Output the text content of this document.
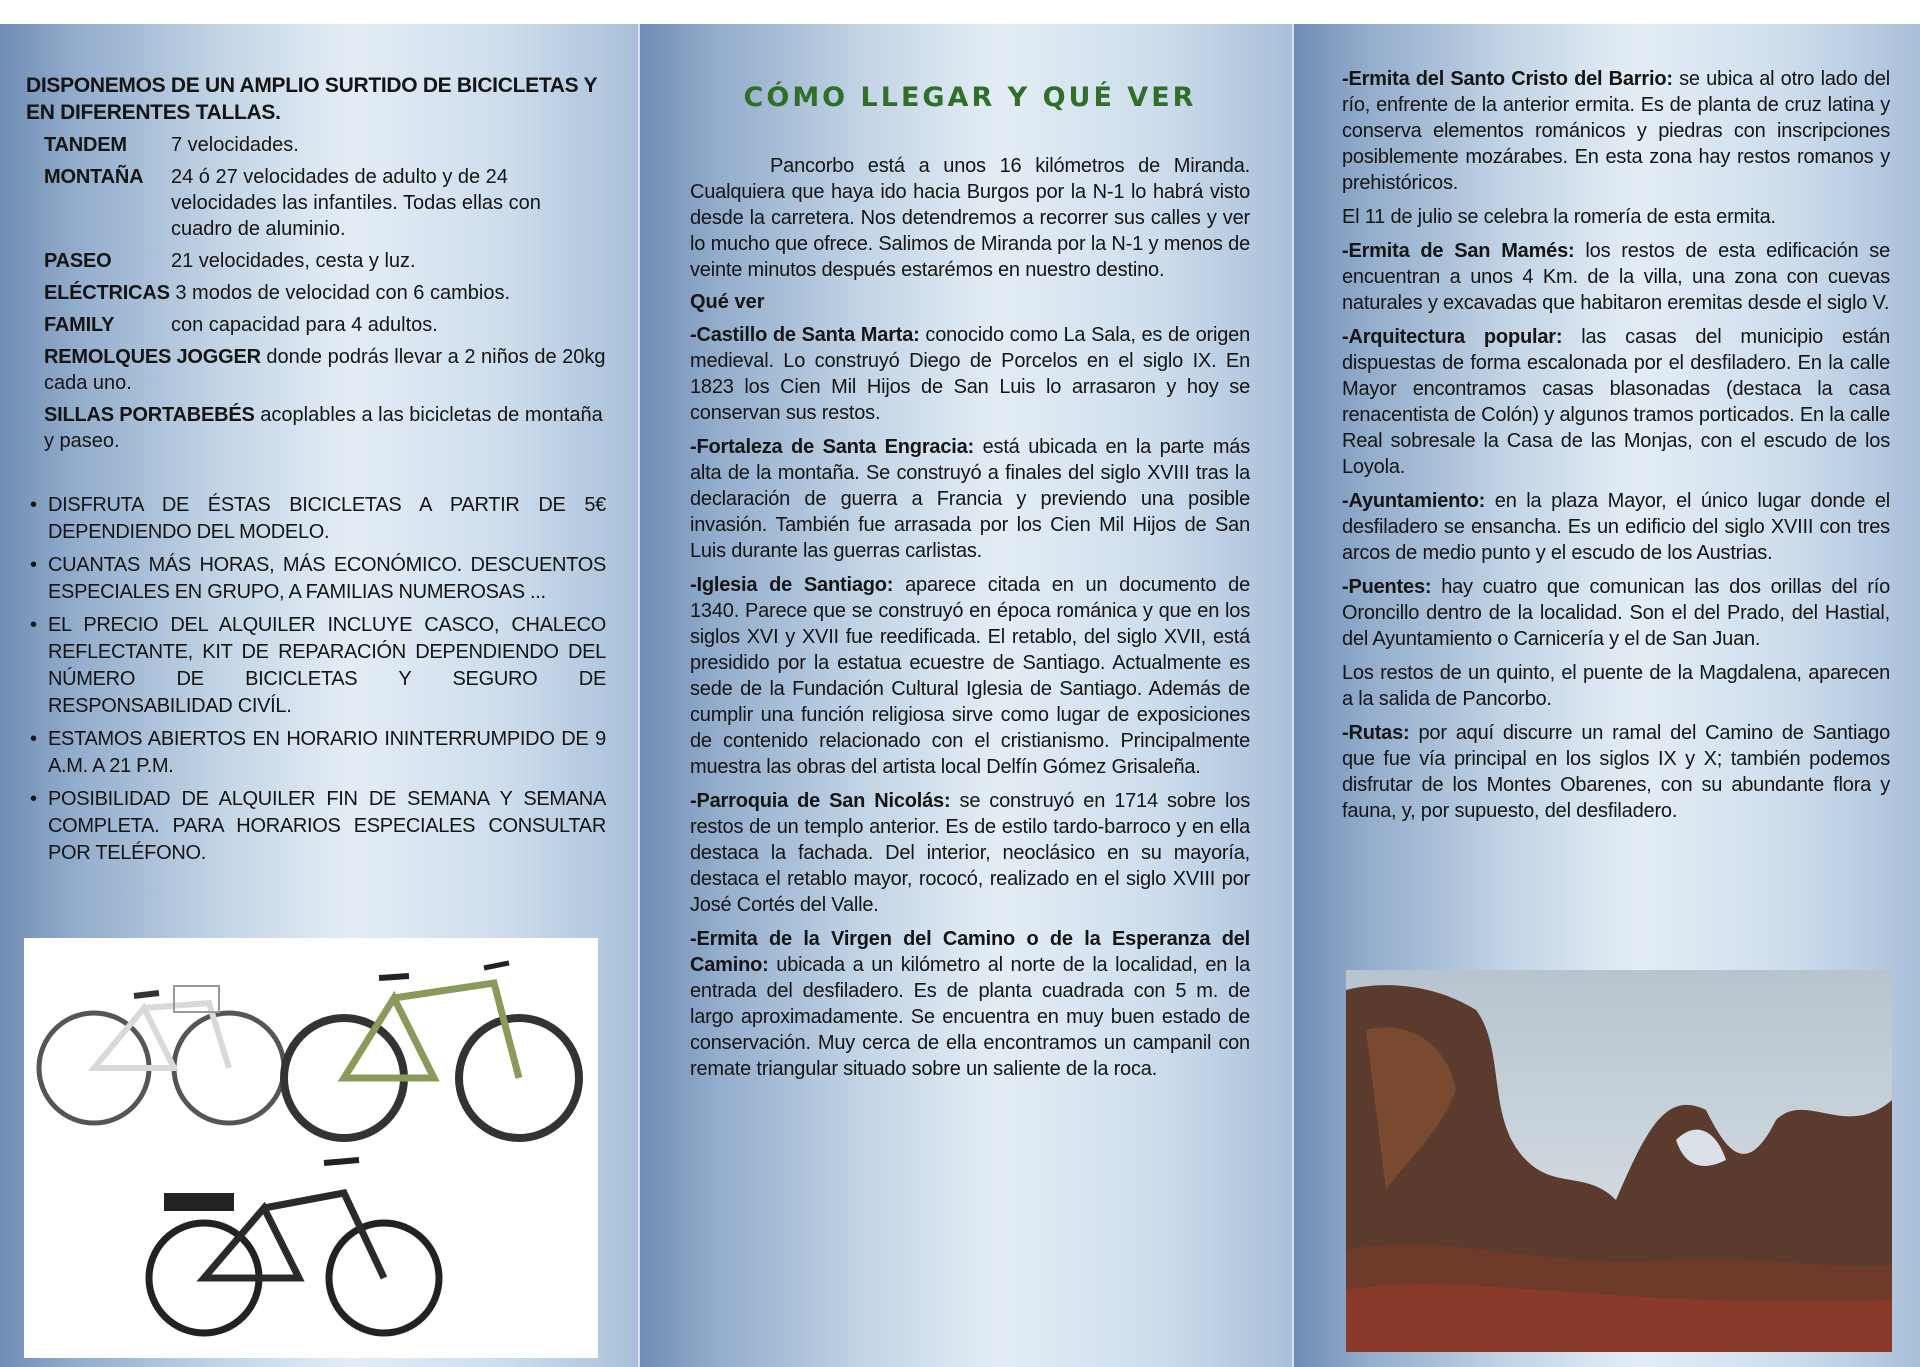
DISPONEMOS DE UN AMPLIO SURTIDO DE BICICLETAS Y EN DIFERENTES TALLAS.
TANDEM	7 velocidades.
MONTAÑA	24 ó 27 velocidades de adulto y de 24 velocidades las infantiles. Todas ellas con cuadro de aluminio.
PASEO	21 velocidades, cesta y luz.
ELÉCTRICAS 3 modos de velocidad con 6 cambios.
FAMILY	con capacidad para 4 adultos.
REMOLQUES JOGGER donde podrás llevar a 2 niños de 20kg cada uno.
SILLAS PORTABEBÉS acoplables a las bicicletas de montaña y paseo.
• DISFRUTA DE ÉSTAS BICICLETAS A PARTIR DE 5€ DEPENDIENDO DEL MODELO.
• CUANTAS MÁS HORAS, MÁS ECONÓMICO. DESCUENTOS ESPECIALES EN GRUPO, A FAMILIAS NUMEROSAS ...
• EL PRECIO DEL ALQUILER INCLUYE CASCO, CHALECO REFLECTANTE, KIT DE REPARACIÓN DEPENDIENDO DEL NÚMERO DE BICICLETAS Y SEGURO DE RESPONSABILIDAD CIVÍL.
• ESTAMOS ABIERTOS EN HORARIO ININTERRUMPIDO DE 9 A.M. A 21 P.M.
• POSIBILIDAD DE ALQUILER FIN DE SEMANA Y SEMANA COMPLETA. PARA HORARIOS ESPECIALES CONSULTAR POR TELÉFONO.
CÓMO LLEGAR Y QUÉ VER

Pancorbo está a unos 16 kilómetros de Miranda. Cualquiera que haya ido hacia Burgos por la N-1 lo habrá visto desde la carretera. Nos detendremos a recorrer sus calles y ver lo mucho que ofrece. Salimos de Miranda por la N-1 y menos de veinte minutos después estarémos en nuestro destino.

Qué ver

-Castillo de Santa Marta: conocido como La Sala, es de origen medieval. Lo construyó Diego de Porcelos en el siglo IX. En 1823 los Cien Mil Hijos de San Luis lo arrasaron y hoy se conservan sus restos.

-Fortaleza de Santa Engracia: está ubicada en la parte más alta de la montaña. Se construyó a finales del siglo XVIII tras la declaración de guerra a Francia y previendo una posible invasión. También fue arrasada por los Cien Mil Hijos de San Luis durante las guerras carlistas.

-Iglesia de Santiago: aparece citada en un documento de 1340. Parece que se construyó en época románica y que en los siglos XVI y XVII fue reedificada. El retablo, del siglo XVII, está presidido por la estatua ecuestre de Santiago. Actualmente es sede de la Fundación Cultural Iglesia de Santiago. Además de cumplir una función religiosa sirve como lugar de exposiciones de contenido relacionado con el cristianismo. Principalmente muestra las obras del artista local Delfín Gómez Grisaleña.

-Parroquia de San Nicolás: se construyó en 1714 sobre los restos de un templo anterior. Es de estilo tardo-barroco y en ella destaca la fachada. Del interior, neoclásico en su mayoría, destaca el retablo mayor, rococó, realizado en el siglo XVIII por José Cortés del Valle.

-Ermita de la Virgen del Camino o de la Esperanza del Camino: ubicada a un kilómetro al norte de la localidad, en la entrada del desfiladero. Es de planta cuadrada con 5 m. de largo aproximadamente. Se encuentra en muy buen estado de conservación. Muy cerca de ella encontramos un campanil con remate triangular situado sobre un saliente de la roca.

-Ermita del Santo Cristo del Barrio: se ubica al otro lado del río, enfrente de la anterior ermita. Es de planta de cruz latina y conserva elementos románicos y piedras con inscripciones posiblemente mozárabes. En esta zona hay restos romanos y prehistóricos.

El 11 de julio se celebra la romería de esta ermita.

-Ermita de San Mamés: los restos de esta edificación se encuentran a unos 4 Km. de la villa, una zona con cuevas naturales y excavadas que habitaron eremitas desde el siglo V.

-Arquitectura popular: las casas del municipio están dispuestas de forma escalonada por el desfiladero. En la calle Mayor encontramos casas blasonadas (destaca la casa renacentista de Colón) y algunos tramos porticados. En la calle Real sobresale la Casa de las Monjas, con el escudo de los Loyola.

-Ayuntamiento: en la plaza Mayor, el único lugar donde el desfiladero se ensancha. Es un edificio del siglo XVIII con tres arcos de medio punto y el escudo de los Austrias.

-Puentes: hay cuatro que comunican las dos orillas del río Oroncillo dentro de la localidad. Son el del Prado, del Hastial, del Ayuntamiento o Carnicería y el de San Juan.

Los restos de un quinto, el puente de la Magdalena, aparecen a la salida de Pancorbo.

-Rutas: por aquí discurre un ramal del Camino de Santiago que fue vía principal en los siglos IX y X; también podemos disfrutar de los Montes Obarenes, con su abundante flora y fauna, y, por supuesto, del desfiladero.
